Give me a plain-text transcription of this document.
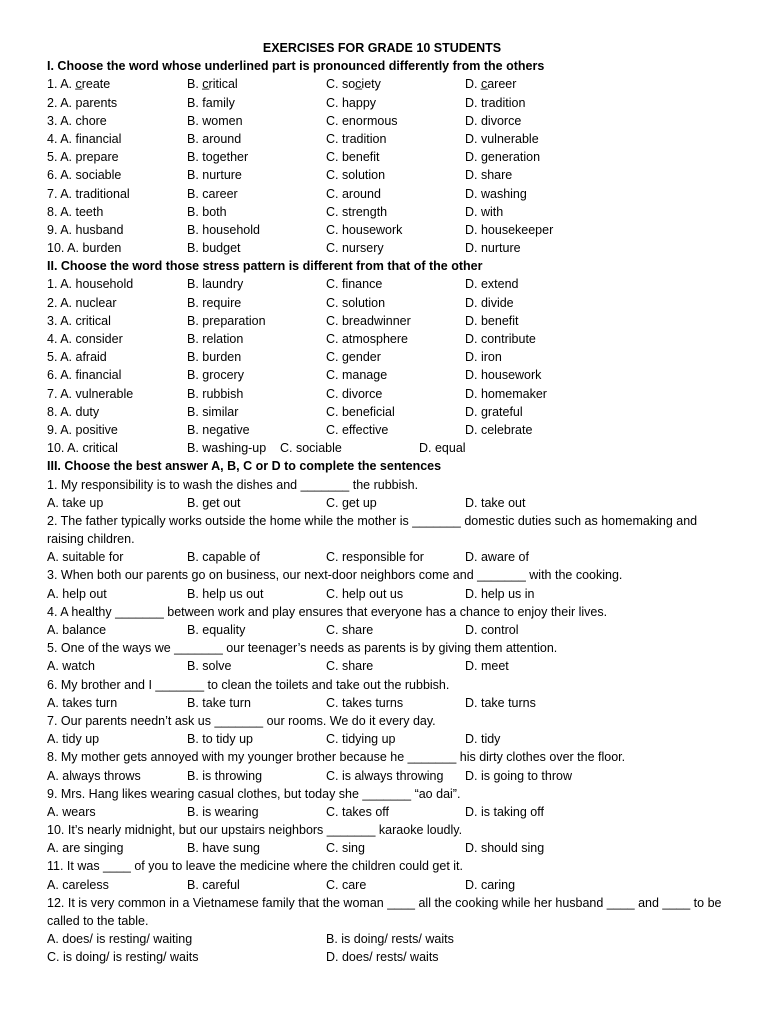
EXERCISES FOR GRADE 10 STUDENTS
I. Choose the word whose underlined part is pronounced differently from the others
1. A. c̲reate	B. c̲ritical	C. soc̲iety	D. c̲areer
2. A. parents	B. family	C. happy	D. tradition
3. A. chore	B. women	C. enormous	D. divorce
4. A. financial	B. around	C. tradition	D. vulnerable
5. A. prepare	B. together	C. benefit	D. generation
6. A. sociable	B. nurture	C. solution	D. share
7. A. traditional	B. career	C. around	D. washing
8. A. teeth	B. both	C. strength	D. with
9. A. husband	B. household	C. housework	D. housekeeper
10. A. burden	B. budget	C. nursery	D. nurture
II. Choose the word those stress pattern is different from that of the other
1. A. household	B. laundry	C. finance	D. extend
2. A. nuclear	B. require	C. solution	D. divide
3. A. critical	B. preparation	C. breadwinner	D. benefit
4. A. consider	B. relation	C. atmosphere	D. contribute
5. A. afraid	B. burden	C. gender	D. iron
6. A. financial	B. grocery	C. manage	D. housework
7. A. vulnerable	B. rubbish	C. divorce	D. homemaker
8. A. duty	B. similar	C. beneficial	D. grateful
9. A. positive	B. negative	C. effective	D. celebrate
10. A. critical	B. washing-up C. sociable	D. equal
III. Choose the best answer A, B, C or D to complete the sentences
1. My responsibility is to wash the dishes and _______ the rubbish.
A. take up	B. get out	C. get up	D. take out
2. The father typically works outside the home while the mother is _______ domestic duties such as homemaking and raising children.
A. suitable for	B. capable of	C. responsible for	D. aware of
3. When both our parents go on business, our next-door neighbors come and _______ with the cooking.
A. help out	B. help us out	C. help out us	D. help us in
4. A healthy _______ between work and play ensures that everyone has a chance to enjoy their lives.
A. balance	B. equality	C. share	D. control
5. One of the ways we _______ our teenager’s needs as parents is by giving them attention.
A. watch	B. solve	C. share	D. meet
6. My brother and I _______ to clean the toilets and take out the rubbish.
A. takes turn	B. take turn	C. takes turns	D. take turns
7. Our parents needn’t ask us _______ our rooms. We do it every day.
A. tidy up	B. to tidy up	C. tidying up	D. tidy
8. My mother gets annoyed with my younger brother because he _______ his dirty clothes over the floor.
A. always throws	B. is throwing	C. is always throwing D. is going to throw
9. Mrs. Hang likes wearing casual clothes, but today she _______ “ao dai”.
A. wears	B. is wearing	C. takes off	D. is taking off
10. It’s nearly midnight, but our upstairs neighbors _______ karaoke loudly.
A. are singing	B. have sung	C. sing	D. should sing
11. It was ____ of you to leave the medicine where the children could get it.
A. careless	B. careful	C. care	D. caring
12. It is very common in a Vietnamese family that the woman ____ all the cooking while her husband ____ and ____ to be called to the table.
A. does/ is resting/ waiting	B. is doing/ rests/ waits
C. is doing/ is resting/ waits	D. does/ rests/ waits
